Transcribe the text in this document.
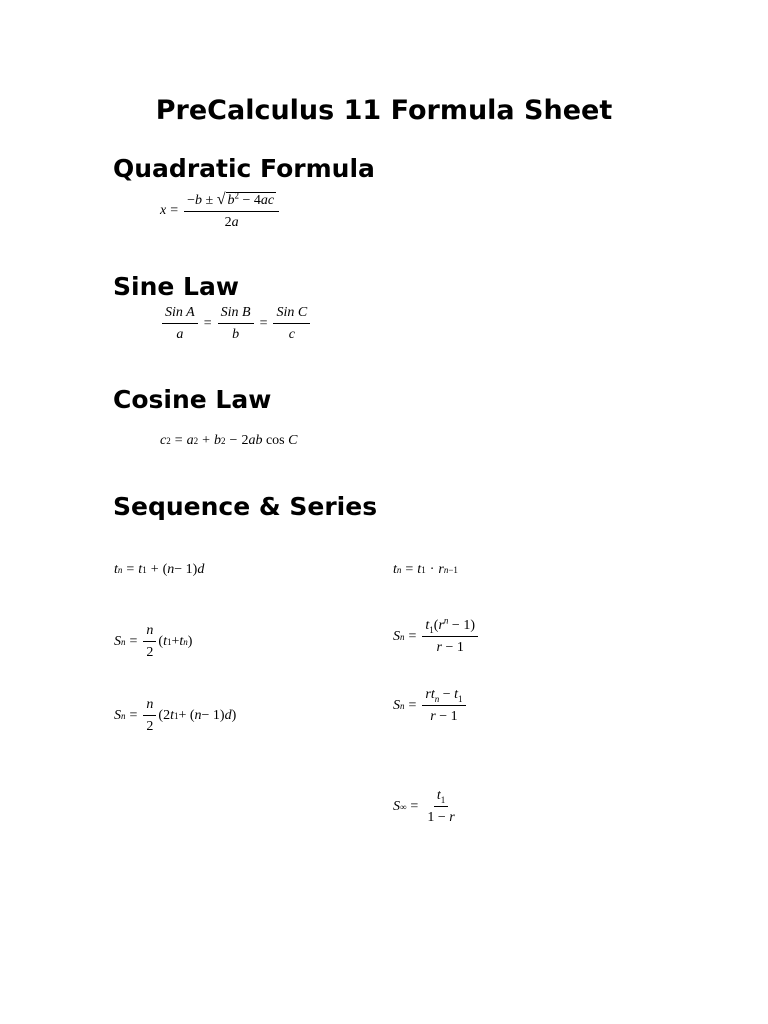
PreCalculus 11 Formula Sheet
Quadratic Formula
$x = \frac{-b \pm √ b^2 - 4ac}{2a}$
Sine Law
$\frac{\text{Sin A}}{a} = \frac{\text{Sin B}}{b} = \frac{\text{Sin C}}{c}$
Cosine Law
c 2 = a 2 + b 2 − 2 ab cos C
Sequence & Series
t n = t 1 + ( n − 1) d	t n = t 1 · r n−1
S $n = \frac{n}{2}$ ( t 1 + t n )	S $n = \frac{t_1(r^n - 1)}{r - 1}$
S $n = \frac{n}{2} (2$ t 1 + ( n − 1) d )
S $n = \frac{rt_n - t_1}{r - 1}$
S ∞ = $\frac{t_1}{1 - r}$
